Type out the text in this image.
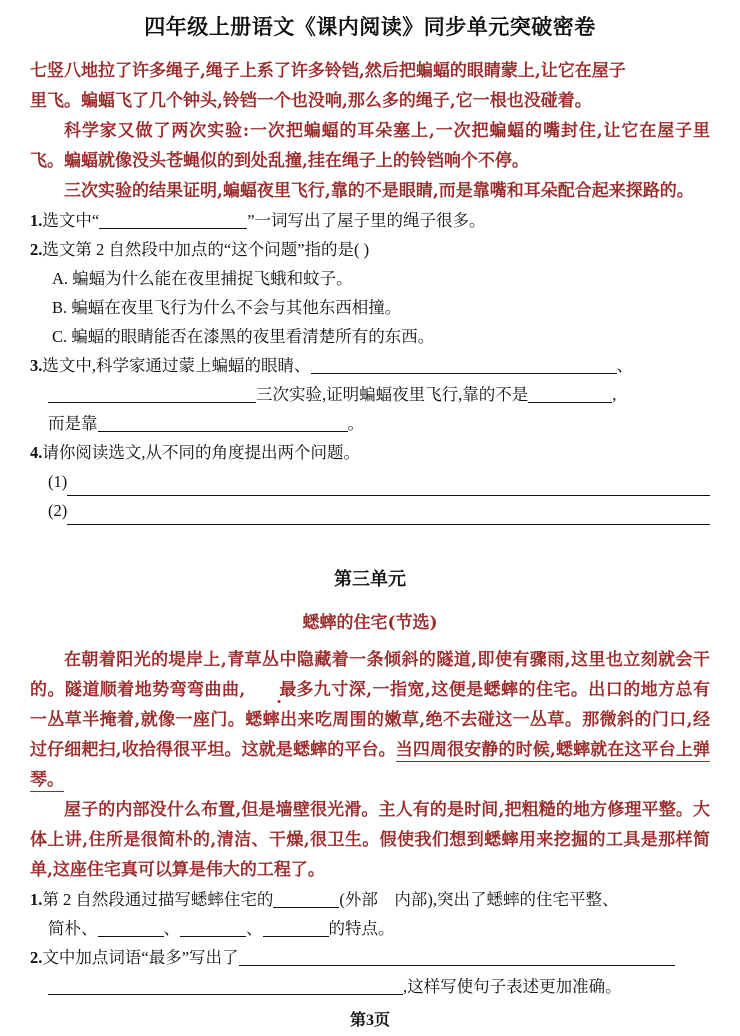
四年级上册语文《课内阅读》同步单元突破密卷
七竖八地拉了许多绳子,绳子上系了许多铃铛,然后把蝙蝠的眼睛蒙上,让它在屋子
里飞。蝙蝠飞了几个钟头,铃铛一个也没响,那么多的绳子,它一根也没碰着。
科学家又做了两次实验:一次把蝙蝠的耳朵塞上,一次把蝙蝠的嘴封住,让它在屋子里飞。蝙蝠就像没头苍蝇似的到处乱撞,挂在绳子上的铃铛响个不停。
三次实验的结果证明,蝙蝠夜里飞行,靠的不是眼睛,而是靠嘴和耳朵配合起来探路的。
1.选文中“	”一词写出了屋子里的绳子很多。
2.选文第 2 自然段中加点的“这个问题”指的是( )
A. 蝙蝠为什么能在夜里捕捉飞蛾和蚊子。
B. 蝙蝠在夜里飞行为什么不会与其他东西相撞。
C. 蝙蝠的眼睛能否在漆黑的夜里看清楚所有的东西。
3.选文中,科学家通过蒙上蝙蝠的眼睛、	、
三次实验,证明蝙蝠夜里飞行,靠的不是	,
而是靠	。
4.请你阅读选文,从不同的角度提出两个问题。
(1)
(2)
第三单元
蟋蟀的住宅(节选)
在朝着阳光的堤岸上,青草丛中隐藏着一条倾斜的隧道,即使有骤雨,这里也立刻就会干的。隧道顺着地势弯弯曲曲, 最多九寸深,一指宽,这便是蟋蟀的住宅。出口的地方总有一丛草半掩着,就像一座门。蟋蟀出来吃周围的嫩草,绝不去碰这一丛草。那微斜的门口,经过仔细耙扫,收拾得很平坦。这就是蟋蟀的平台。当四周很安静的时候,蟋蟀就在这平台上弹琴。
屋子的内部没什么布置,但是墙壁很光滑。主人有的是时间,把粗糙的地方修理平整。大体上讲,住所是很简朴的,清洁、干燥,很卫生。假使我们想到蟋蟀用来挖掘的工具是那样简单,这座住宅真可以算是伟大的工程了。
1.第 2 自然段通过描写蟋蟀住宅的	(外部　内部),突出了蟋蟀的住宅平整、
简朴、	、	、	的特点。
2.文中加点词语“最多”写出了
,这样写使句子表述更加准确。
第3页
